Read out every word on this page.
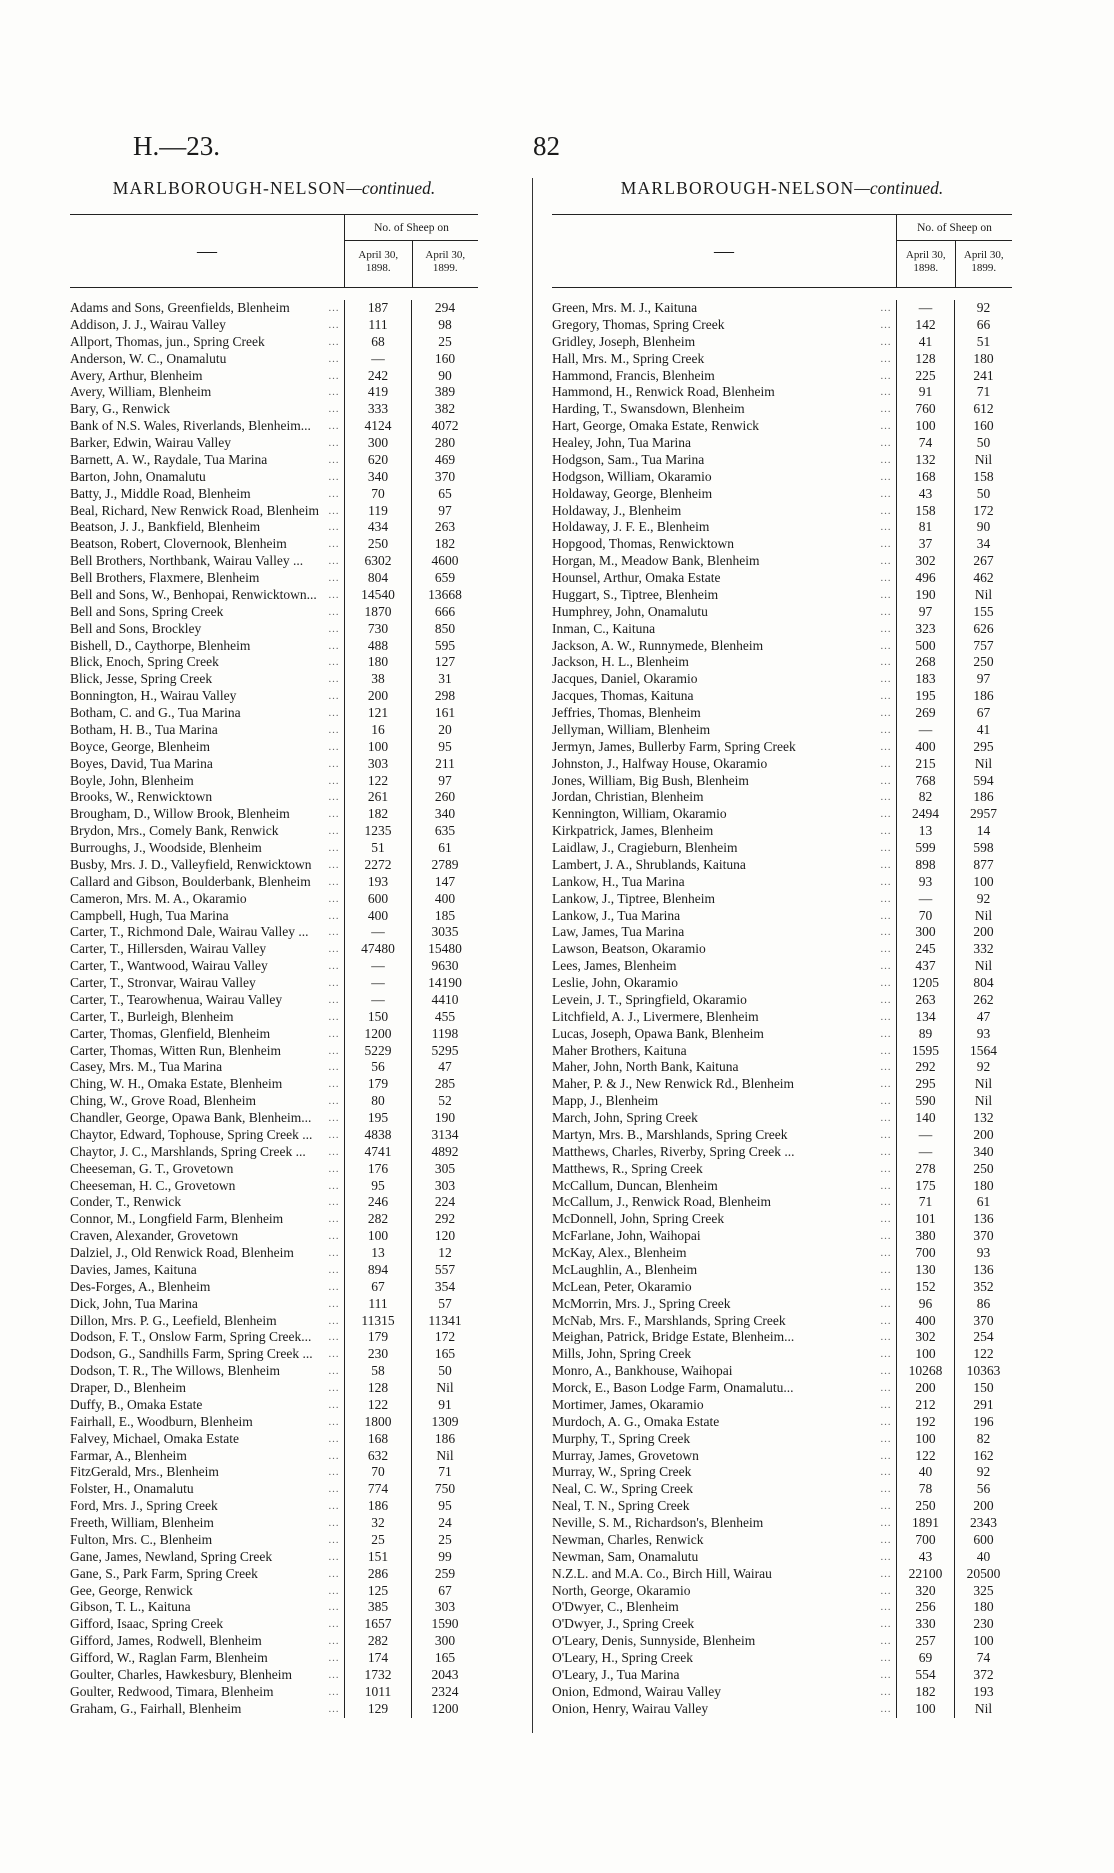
H.—23.	82
MARLBOROUGH-NELSON—continued.
—
No. of Sheep on
April 30, 1898.
April 30, 1899.
Adams and Sons, Greenfields, Blenheim	…	187	294
Addison, J. J., Wairau Valley	…	111	98
Allport, Thomas, jun., Spring Creek	…	68	25
Anderson, W. C., Onamalutu	…	—	160
Avery, Arthur, Blenheim	…	242	90
Avery, William, Blenheim	…	419	389
Bary, G., Renwick	…	333	382
Bank of N.S. Wales, Riverlands, Blenheim... …	4124	4072
Barker, Edwin, Wairau Valley	…	300	280
Barnett, A. W., Raydale, Tua Marina	…	620	469
Barton, John, Onamalutu	…	340	370
Batty, J., Middle Road, Blenheim	…	70	65
Beal, Richard, New Renwick Road, Blenheim …	119	97
Beatson, J. J., Bankfield, Blenheim	…	434	263
Beatson, Robert, Clovernook, Blenheim	…	250	182
Bell Brothers, Northbank, Wairau Valley ... …	6302	4600
Bell Brothers, Flaxmere, Blenheim	…	804	659
Bell and Sons, W., Benhopai, Renwicktown... …	14540	13668
Bell and Sons, Spring Creek	…	1870	666
Bell and Sons, Brockley	…	730	850
Bishell, D., Caythorpe, Blenheim	…	488	595
Blick, Enoch, Spring Creek	…	180	127
Blick, Jesse, Spring Creek	…	38	31
Bonnington, H., Wairau Valley	…	200	298
Botham, C. and G., Tua Marina	…	121	161
Botham, H. B., Tua Marina	…	16	20
Boyce, George, Blenheim	…	100	95
Boyes, David, Tua Marina	…	303	211
Boyle, John, Blenheim	…	122	97
Brooks, W., Renwicktown	…	261	260
Brougham, D., Willow Brook, Blenheim	…	182	340
Brydon, Mrs., Comely Bank, Renwick	…	1235	635
Burroughs, J., Woodside, Blenheim	…	51	61
Busby, Mrs. J. D., Valleyfield, Renwicktown …	2272	2789
Callard and Gibson, Boulderbank, Blenheim …	193	147
Cameron, Mrs. M. A., Okaramio	…	600	400
Campbell, Hugh, Tua Marina	…	400	185
Carter, T., Richmond Dale, Wairau Valley ... …	—	3035
Carter, T., Hillersden, Wairau Valley	…	47480	15480
Carter, T., Wantwood, Wairau Valley	…	—	9630
Carter, T., Stronvar, Wairau Valley	…	—	14190
Carter, T., Tearowhenua, Wairau Valley	…	—	4410
Carter, T., Burleigh, Blenheim	…	150	455
Carter, Thomas, Glenfield, Blenheim	…	1200	1198
Carter, Thomas, Witten Run, Blenheim	…	5229	5295
Casey, Mrs. M., Tua Marina	…	56	47
Ching, W. H., Omaka Estate, Blenheim	…	179	285
Ching, W., Grove Road, Blenheim	…	80	52
Chandler, George, Opawa Bank, Blenheim... …	195	190
Chaytor, Edward, Tophouse, Spring Creek ... …	4838	3134
Chaytor, J. C., Marshlands, Spring Creek ... …	4741	4892
Cheeseman, G. T., Grovetown	…	176	305
Cheeseman, H. C., Grovetown	…	95	303
Conder, T., Renwick	…	246	224
Connor, M., Longfield Farm, Blenheim	…	282	292
Craven, Alexander, Grovetown	…	100	120
Dalziel, J., Old Renwick Road, Blenheim	…	13	12
Davies, James, Kaituna	…	894	557
Des-Forges, A., Blenheim	…	67	354
Dick, John, Tua Marina	…	111	57
Dillon, Mrs. P. G., Leefield, Blenheim	…	11315	11341
Dodson, F. T., Onslow Farm, Spring Creek... …	179	172
Dodson, G., Sandhills Farm, Spring Creek ... …	230	165
Dodson, T. R., The Willows, Blenheim	…	58	50
Draper, D., Blenheim	…	128	Nil
Duffy, B., Omaka Estate	…	122	91
Fairhall, E., Woodburn, Blenheim	…	1800	1309
Falvey, Michael, Omaka Estate	…	168	186
Farmar, A., Blenheim	…	632	Nil
FitzGerald, Mrs., Blenheim	…	70	71
Folster, H., Onamalutu	…	774	750
Ford, Mrs. J., Spring Creek	…	186	95
Freeth, William, Blenheim	…	32	24
Fulton, Mrs. C., Blenheim	…	25	25
Gane, James, Newland, Spring Creek	…	151	99
Gane, S., Park Farm, Spring Creek	…	286	259
Gee, George, Renwick	…	125	67
Gibson, T. L., Kaituna	…	385	303
Gifford, Isaac, Spring Creek	…	1657	1590
Gifford, James, Rodwell, Blenheim	…	282	300
Gifford, W., Raglan Farm, Blenheim	…	174	165
Goulter, Charles, Hawkesbury, Blenheim	…	1732	2043
Goulter, Redwood, Timara, Blenheim	…	1011	2324
Graham, G., Fairhall, Blenheim	…	129	1200
MARLBOROUGH-NELSON—continued.
—
No. of Sheep on
April 30, 1898.
April 30, 1899.
Green, Mrs. M. J., Kaituna	…	—	92
Gregory, Thomas, Spring Creek	…	142	66
Gridley, Joseph, Blenheim	…	41	51
Hall, Mrs. M., Spring Creek	…	128	180
Hammond, Francis, Blenheim	…	225	241
Hammond, H., Renwick Road, Blenheim	…	91	71
Harding, T., Swansdown, Blenheim	…	760	612
Hart, George, Omaka Estate, Renwick	…	100	160
Healey, John, Tua Marina	…	74	50
Hodgson, Sam., Tua Marina	…	132	Nil
Hodgson, William, Okaramio	…	168	158
Holdaway, George, Blenheim	…	43	50
Holdaway, J., Blenheim	…	158	172
Holdaway, J. F. E., Blenheim	…	81	90
Hopgood, Thomas, Renwicktown	…	37	34
Horgan, M., Meadow Bank, Blenheim	…	302	267
Hounsel, Arthur, Omaka Estate	…	496	462
Huggart, S., Tiptree, Blenheim	…	190	Nil
Humphrey, John, Onamalutu	…	97	155
Inman, C., Kaituna	…	323	626
Jackson, A. W., Runnymede, Blenheim	…	500	757
Jackson, H. L., Blenheim	…	268	250
Jacques, Daniel, Okaramio	…	183	97
Jacques, Thomas, Kaituna	…	195	186
Jeffries, Thomas, Blenheim	…	269	67
Jellyman, William, Blenheim	…	—	41
Jermyn, James, Bullerby Farm, Spring Creek	…	400	295
Johnston, J., Halfway House, Okaramio	…	215	Nil
Jones, William, Big Bush, Blenheim	…	768	594
Jordan, Christian, Blenheim	…	82	186
Kennington, William, Okaramio	…	2494	2957
Kirkpatrick, James, Blenheim	…	13	14
Laidlaw, J., Cragieburn, Blenheim	…	599	598
Lambert, J. A., Shrublands, Kaituna	…	898	877
Lankow, H., Tua Marina	…	93	100
Lankow, J., Tiptree, Blenheim	…	—	92
Lankow, J., Tua Marina	…	70	Nil
Law, James, Tua Marina	…	300	200
Lawson, Beatson, Okaramio	…	245	332
Lees, James, Blenheim	…	437	Nil
Leslie, John, Okaramio	…	1205	804
Levein, J. T., Springfield, Okaramio	…	263	262
Litchfield, A. J., Livermere, Blenheim	…	134	47
Lucas, Joseph, Opawa Bank, Blenheim	…	89	93
Maher Brothers, Kaituna	…	1595	1564
Maher, John, North Bank, Kaituna	…	292	92
Maher, P. & J., New Renwick Rd., Blenheim	…	295	Nil
Mapp, J., Blenheim	…	590	Nil
March, John, Spring Creek	…	140	132
Martyn, Mrs. B., Marshlands, Spring Creek	…	—	200
Matthews, Charles, Riverby, Spring Creek ...	…	—	340
Matthews, R., Spring Creek	…	278	250
McCallum, Duncan, Blenheim	…	175	180
McCallum, J., Renwick Road, Blenheim	…	71	61
McDonnell, John, Spring Creek	…	101	136
McFarlane, John, Waihopai	…	380	370
McKay, Alex., Blenheim	…	700	93
McLaughlin, A., Blenheim	…	130	136
McLean, Peter, Okaramio	…	152	352
McMorrin, Mrs. J., Spring Creek	…	96	86
McNab, Mrs. F., Marshlands, Spring Creek	…	400	370
Meighan, Patrick, Bridge Estate, Blenheim...	…	302	254
Mills, John, Spring Creek	…	100	122
Monro, A., Bankhouse, Waihopai	…	10268	10363
Morck, E., Bason Lodge Farm, Onamalutu...	…	200	150
Mortimer, James, Okaramio	…	212	291
Murdoch, A. G., Omaka Estate	…	192	196
Murphy, T., Spring Creek	…	100	82
Murray, James, Grovetown	…	122	162
Murray, W., Spring Creek	…	40	92
Neal, C. W., Spring Creek	…	78	56
Neal, T. N., Spring Creek	…	250	200
Neville, S. M., Richardson's, Blenheim	…	1891	2343
Newman, Charles, Renwick	…	700	600
Newman, Sam, Onamalutu	…	43	40
N.Z.L. and M.A. Co., Birch Hill, Wairau	…	22100	20500
North, George, Okaramio	…	320	325
O'Dwyer, C., Blenheim	…	256	180
O'Dwyer, J., Spring Creek	…	330	230
O'Leary, Denis, Sunnyside, Blenheim	…	257	100
O'Leary, H., Spring Creek	…	69	74
O'Leary, J., Tua Marina	…	554	372
Onion, Edmond, Wairau Valley	…	182	193
Onion, Henry, Wairau Valley	…	100	Nil
